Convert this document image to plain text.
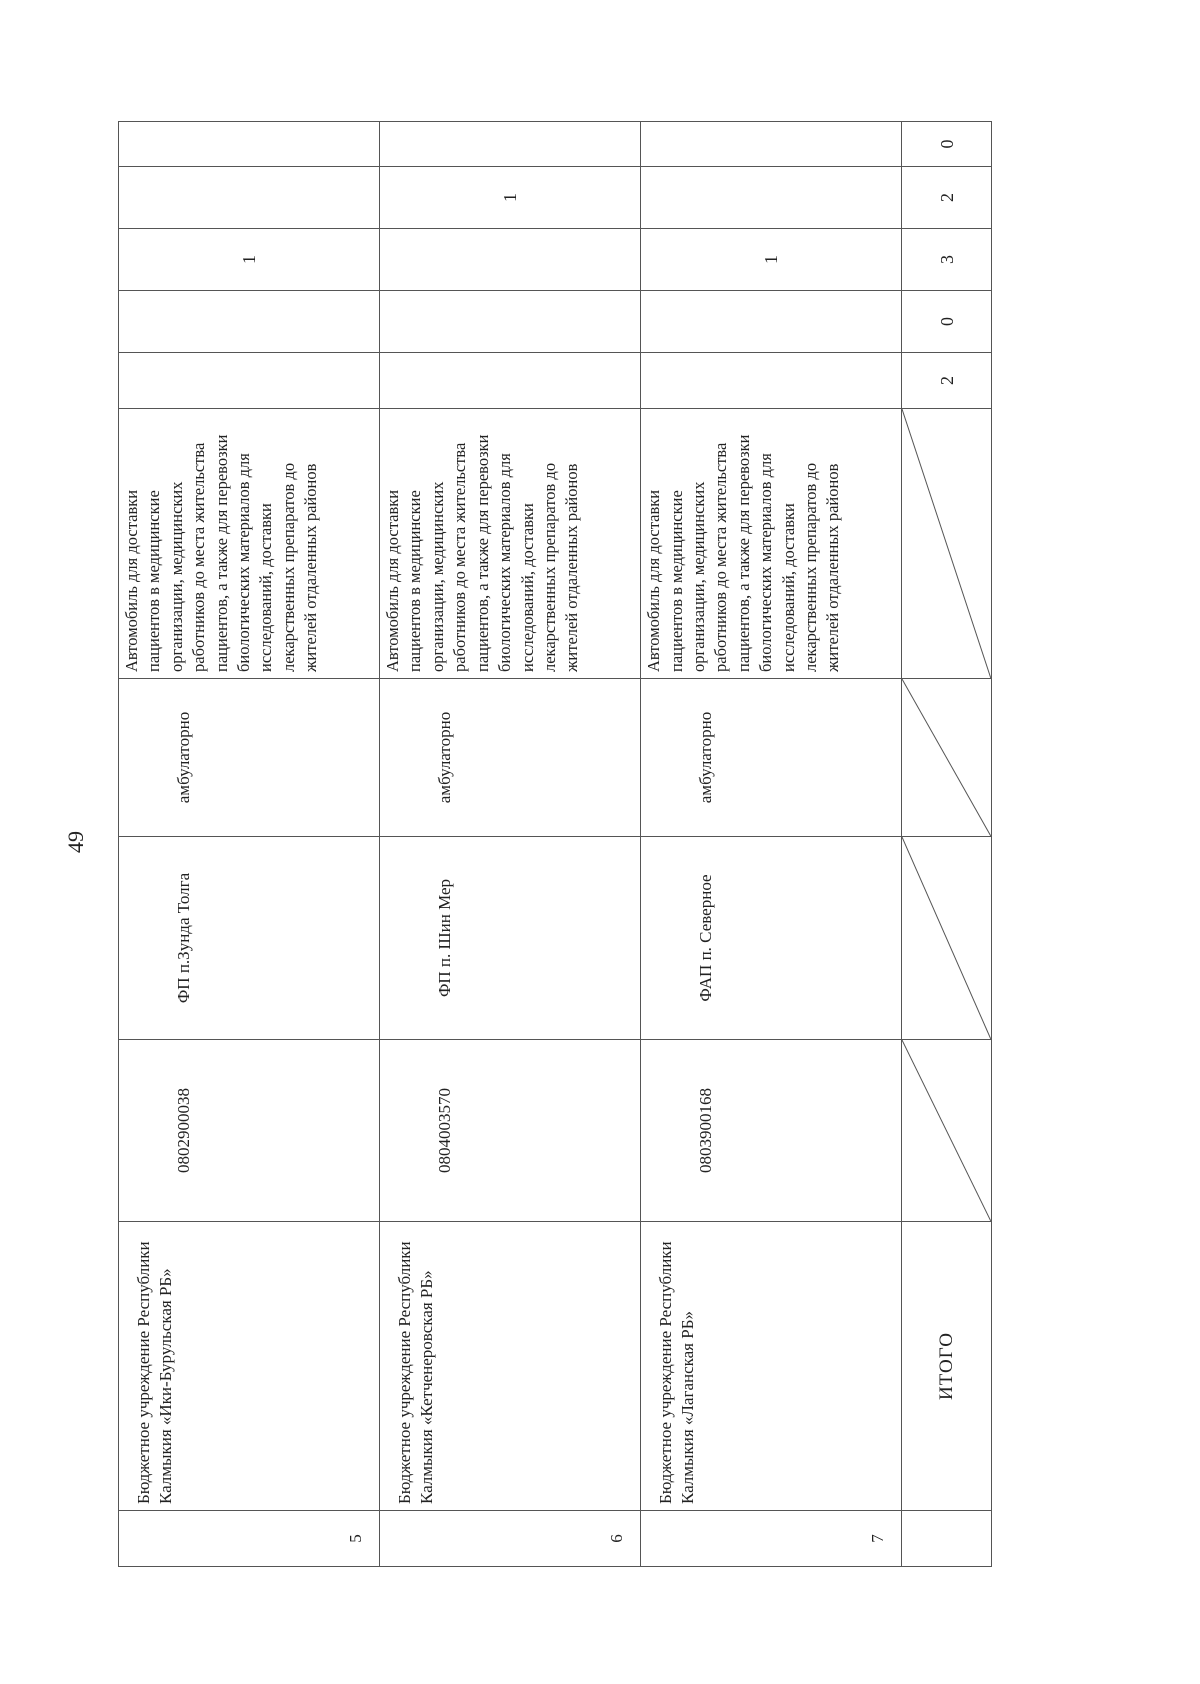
49
5	Бюджетное учреждение Республики Калмыкия «Ики-Бурульская РБ»	0802900038	ФП п.Зунда Толга	амбулаторно	Автомобиль для доставки пациентов в медицинские организации, медицинских работников до места жительства пациентов, а также для перевозки биологических материалов для исследований, доставки лекарственных препаратов до жителей отдаленных районов			1		
6	Бюджетное учреждение Республики Калмыкия «Кетченеровская РБ»	0804003570	ФП п. Шин Мер	амбулаторно	Автомобиль для доставки пациентов в медицинские организации, медицинских работников до места жительства пациентов, а также для перевозки биологических материалов для исследований, доставки лекарственных препаратов до жителей отдаленных районов				1	
7	Бюджетное учреждение Республики Калмыкия «Лаганская РБ»	0803900168	ФАП п. Северное	амбулаторно	Автомобиль для доставки пациентов в медицинские организации, медицинских работников до места жительства пациентов, а также для перевозки биологических материалов для исследований, доставки лекарственных препаратов до жителей отдаленных районов			1		
	ИТОГО					2	0	3	2	0
